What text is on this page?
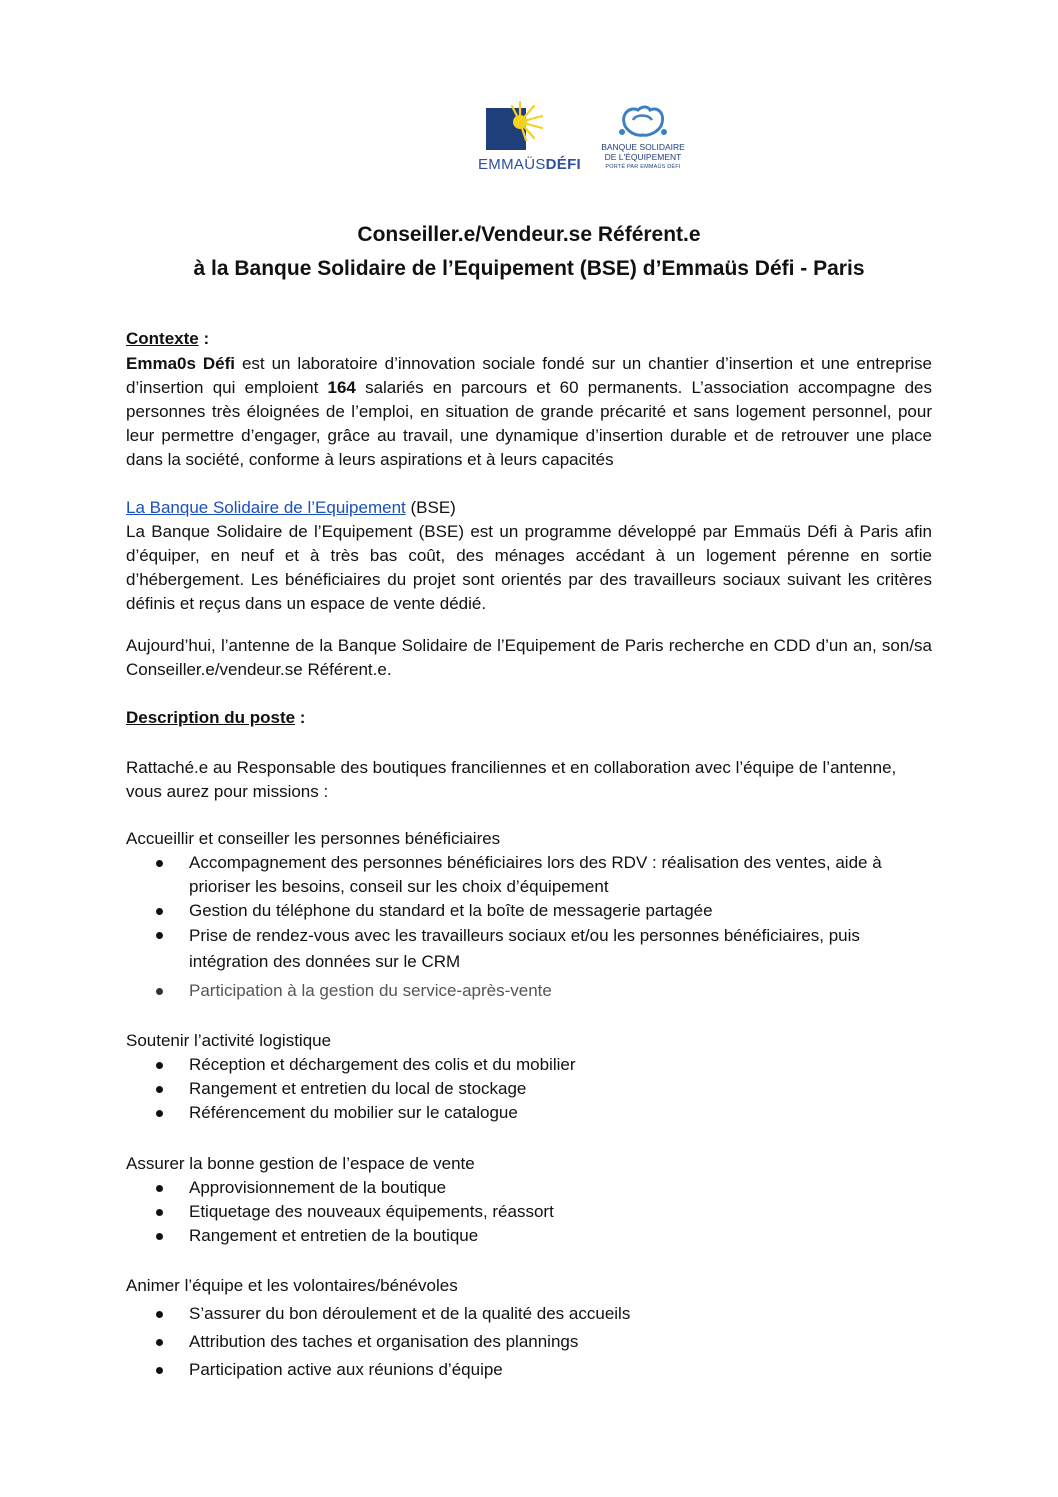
EMMAÜSDÉFI
BANQUE SOLIDAIRE
DE L'ÉQUIPEMENT
PORTÉ PAR EMMAÜS DÉFI
Conseiller.e/Vendeur.se Référent.e
à la Banque Solidaire de l’Equipement (BSE) d’Emmaüs Défi - Paris
Contexte :
Emma0s Défi est un laboratoire d’innovation sociale fondé sur un chantier d’insertion et une entreprise d’insertion qui emploient 164 salariés en parcours et 60 permanents. L’association accompagne des personnes très éloignées de l’emploi, en situation de grande précarité et sans logement personnel, pour leur permettre d’engager, grâce au travail, une dynamique d’insertion durable et de retrouver une place dans la société, conforme à leurs aspirations et à leurs capacités
La Banque Solidaire de l’Equipement (BSE)
La Banque Solidaire de l’Equipement (BSE) est un programme développé par Emmaüs Défi à Paris afin d’équiper, en neuf et à très bas coût, des ménages accédant à un logement pérenne en sortie d’hébergement. Les bénéficiaires du projet sont orientés par des travailleurs sociaux suivant les critères définis et reçus dans un espace de vente dédié.
Aujourd’hui, l’antenne de la Banque Solidaire de l’Equipement de Paris recherche en CDD d’un an, son/sa Conseiller.e/vendeur.se Référent.e.
Description du poste :
Rattaché.e au Responsable des boutiques franciliennes et en collaboration avec l’équipe de l’antenne, vous aurez pour missions :
Accueillir et conseiller les personnes bénéficiaires
Accompagnement des personnes bénéficiaires lors des RDV : réalisation des ventes, aide à prioriser les besoins, conseil sur les choix d’équipement
Gestion du téléphone du standard et la boîte de messagerie partagée
Prise de rendez-vous avec les travailleurs sociaux et/ou les personnes bénéficiaires, puis intégration des données sur le CRM
Participation à la gestion du service-après-vente
Soutenir l’activité logistique
Réception et déchargement des colis et du mobilier
Rangement et entretien du local de stockage
Référencement du mobilier sur le catalogue
Assurer la bonne gestion de l’espace de vente
Approvisionnement de la boutique
Etiquetage des nouveaux équipements, réassort
Rangement et entretien de la boutique
Animer l’équipe et les volontaires/bénévoles
S’assurer du bon déroulement et de la qualité des accueils
Attribution des taches et organisation des plannings
Participation active aux réunions d’équipe
